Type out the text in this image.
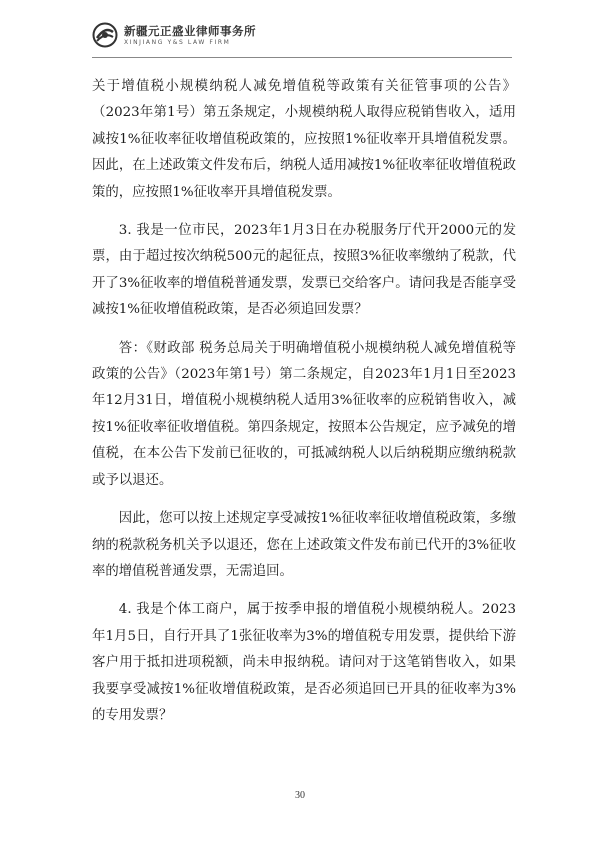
新疆元正盛业律师事务所
XINJIANG Y&S LAW FIRM

关于增值税小规模纳税人减免增值税等政策有关征管事项的公告》（2023年第1号）第五条规定，小规模纳税人取得应税销售收入，适用减按1%征收率征收增值税政策的，应按照1%征收率开具增值税发票。因此，在上述政策文件发布后，纳税人适用减按1%征收率征收增值税政策的，应按照1%征收率开具增值税发票。

3. 我是一位市民，2023年1月3日在办税服务厅代开2000元的发票，由于超过按次纳税500元的起征点，按照3%征收率缴纳了税款，代开了3%征收率的增值税普通发票，发票已交给客户。请问我是否能享受减按1%征收增值税政策，是否必须追回发票？

答：《财政部 税务总局关于明确增值税小规模纳税人减免增值税等政策的公告》（2023年第1号）第二条规定，自2023年1月1日至2023年12月31日，增值税小规模纳税人适用3%征收率的应税销售收入，减按1%征收率征收增值税。第四条规定，按照本公告规定，应予减免的增值税，在本公告下发前已征收的，可抵减纳税人以后纳税期应缴纳税款或予以退还。

因此，您可以按上述规定享受减按1%征收率征收增值税政策，多缴纳的税款税务机关予以退还，您在上述政策文件发布前已代开的3%征收率的增值税普通发票，无需追回。

4. 我是个体工商户，属于按季申报的增值税小规模纳税人。2023年1月5日，自行开具了1张征收率为3%的增值税专用发票，提供给下游客户用于抵扣进项税额，尚未申报纳税。请问对于这笔销售收入，如果我要享受减按1%征收增值税政策，是否必须追回已开具的征收率为3%的专用发票？

30
